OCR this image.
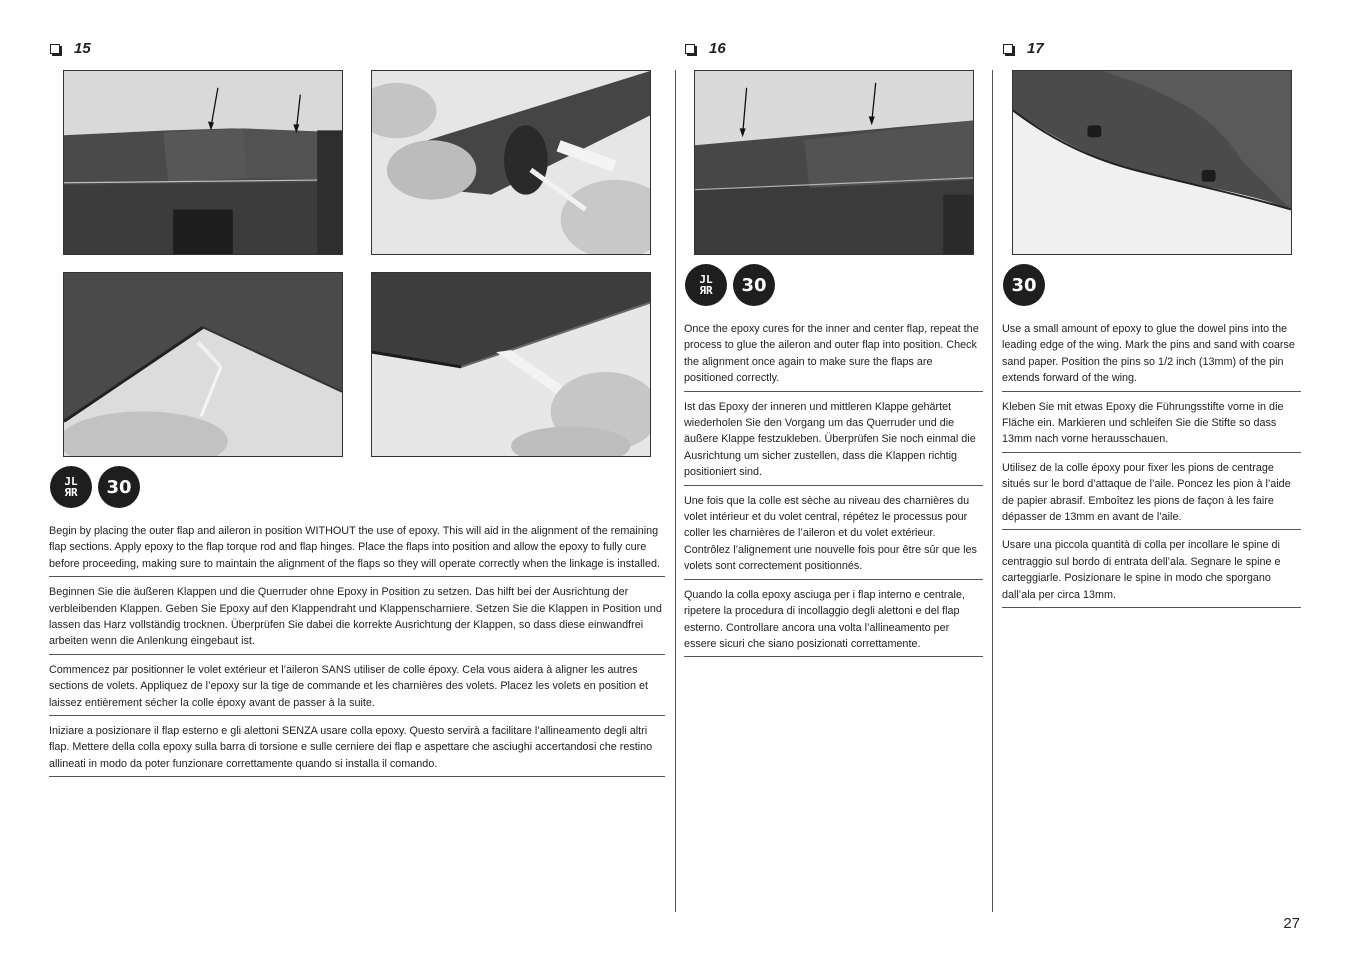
15
JL
ЯR 30

Begin by placing the outer flap and aileron in position WITHOUT the use of epoxy. This will aid in the alignment of the remaining flap sections. Apply epoxy to the flap torque rod and flap hinges. Place the flaps into position and allow the epoxy to fully cure before proceeding, making sure to maintain the alignment of the flaps so they will operate correctly when the linkage is installed.

Beginnen Sie die äußeren Klappen und die Querruder ohne Epoxy in Position zu setzen. Das hilft bei der Ausrichtung der verbleibenden Klappen. Geben Sie Epoxy auf den Klappendraht und Klappenscharniere. Setzen Sie die Klappen in Position und lassen das Harz vollständig trocknen. Überprüfen Sie dabei die korrekte Ausrichtung der Klappen, so dass diese einwandfrei arbeiten wenn die Anlenkung eingebaut ist.

Commencez par positionner le volet extérieur et l’aileron SANS utiliser de colle époxy. Cela vous aidera à aligner les autres sections de volets. Appliquez de l’epoxy sur la tige de commande et les charnières des volets. Placez les volets en position et laissez entièrement sécher la colle époxy avant de passer à la suite.

Iniziare a posizionare il flap esterno e gli alettoni SENZA usare colla epoxy. Questo servirà a facilitare l’allineamento degli altri flap. Mettere della colla epoxy sulla barra di torsione e sulle cerniere dei flap e aspettare che asciughi accertandosi che restino allineati in modo da poter funzionare correttamente quando si installa il comando.

16
JL
ЯR 30

Once the epoxy cures for the inner and center flap, repeat the process to glue the aileron and outer flap into position. Check the alignment once again to make sure the flaps are positioned correctly.

Ist das Epoxy der inneren und mittleren Klappe gehärtet wiederholen Sie den Vorgang um das Querruder und die äußere Klappe festzukleben. Überprüfen Sie noch einmal die Ausrichtung um sicher zustellen, dass die Klappen richtig positioniert sind.

Une fois que la colle est sèche au niveau des charnières du volet intérieur et du volet central, répétez le processus pour coller les charnières de l’aileron et du volet extérieur. Contrôlez l’alignement une nouvelle fois pour être sûr que les volets sont correctement positionnés.

Quando la colla epoxy asciuga per i flap interno e centrale, ripetere la procedura di incollaggio degli alettoni e del flap esterno. Controllare ancora una volta l’allineamento per essere sicuri che siano posizionati correttamente.

17
30

Use a small amount of epoxy to glue the dowel pins into the leading edge of the wing. Mark the pins and sand with coarse sand paper. Position the pins so 1/2 inch (13mm) of the pin extends forward of the wing.

Kleben Sie mit etwas Epoxy die Führungsstifte vorne in die Fläche ein. Markieren und schleifen Sie die Stifte so dass 13mm nach vorne herausschauen.

Utilisez de la colle époxy pour fixer les pions de centrage situés sur le bord d’attaque de l’aile. Poncez les pion à l’aide de papier abrasif. Emboîtez les pions de façon à les faire dépasser de 13mm en avant de l’aile.

Usare una piccola quantità di colla per incollare le spine di centraggio sul bordo di entrata dell’ala. Segnare le spine e carteggiarle. Posizionare le spine in modo che sporgano dall’ala per circa 13mm.

27
